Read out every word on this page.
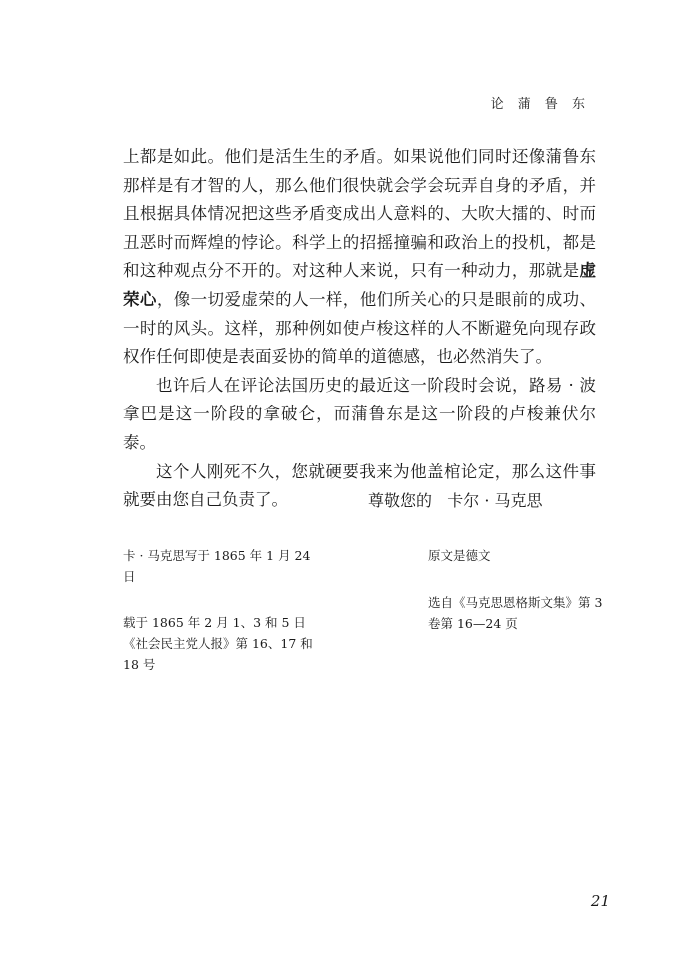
论 蒲 鲁 东

上都是如此。他们是活生生的矛盾。如果说他们同时还像蒲鲁东那样是有才智的人，那么他们很快就会学会玩弄自身的矛盾，并且根据具体情况把这些矛盾变成出人意料的、大吹大擂的、时而丑恶时而辉煌的悖论。科学上的招摇撞骗和政治上的投机，都是和这种观点分不开的。对这种人来说，只有一种动力，那就是虚荣心，像一切爱虚荣的人一样，他们所关心的只是眼前的成功、一时的风头。这样，那种例如使卢梭这样的人不断避免向现存政权作任何即使是表面妥协的简单的道德感，也必然消失了。

也许后人在评论法国历史的最近这一阶段时会说，路易 · 波拿巴是这一阶段的拿破仑，而蒲鲁东是这一阶段的卢梭兼伏尔泰。

这个人刚死不久，您就硬要我来为他盖棺论定，那么这件事就要由您自己负责了。	尊敬您的 卡尔 · 马克思

卡 · 马克思写于 1865 年 1 月 24 日

载于 1865 年 2 月 1、3 和 5 日《社会民主党人报》第 16、17 和 18 号

原文是德文

选自《马克思恩格斯文集》第 3 卷第 16—24 页

21
